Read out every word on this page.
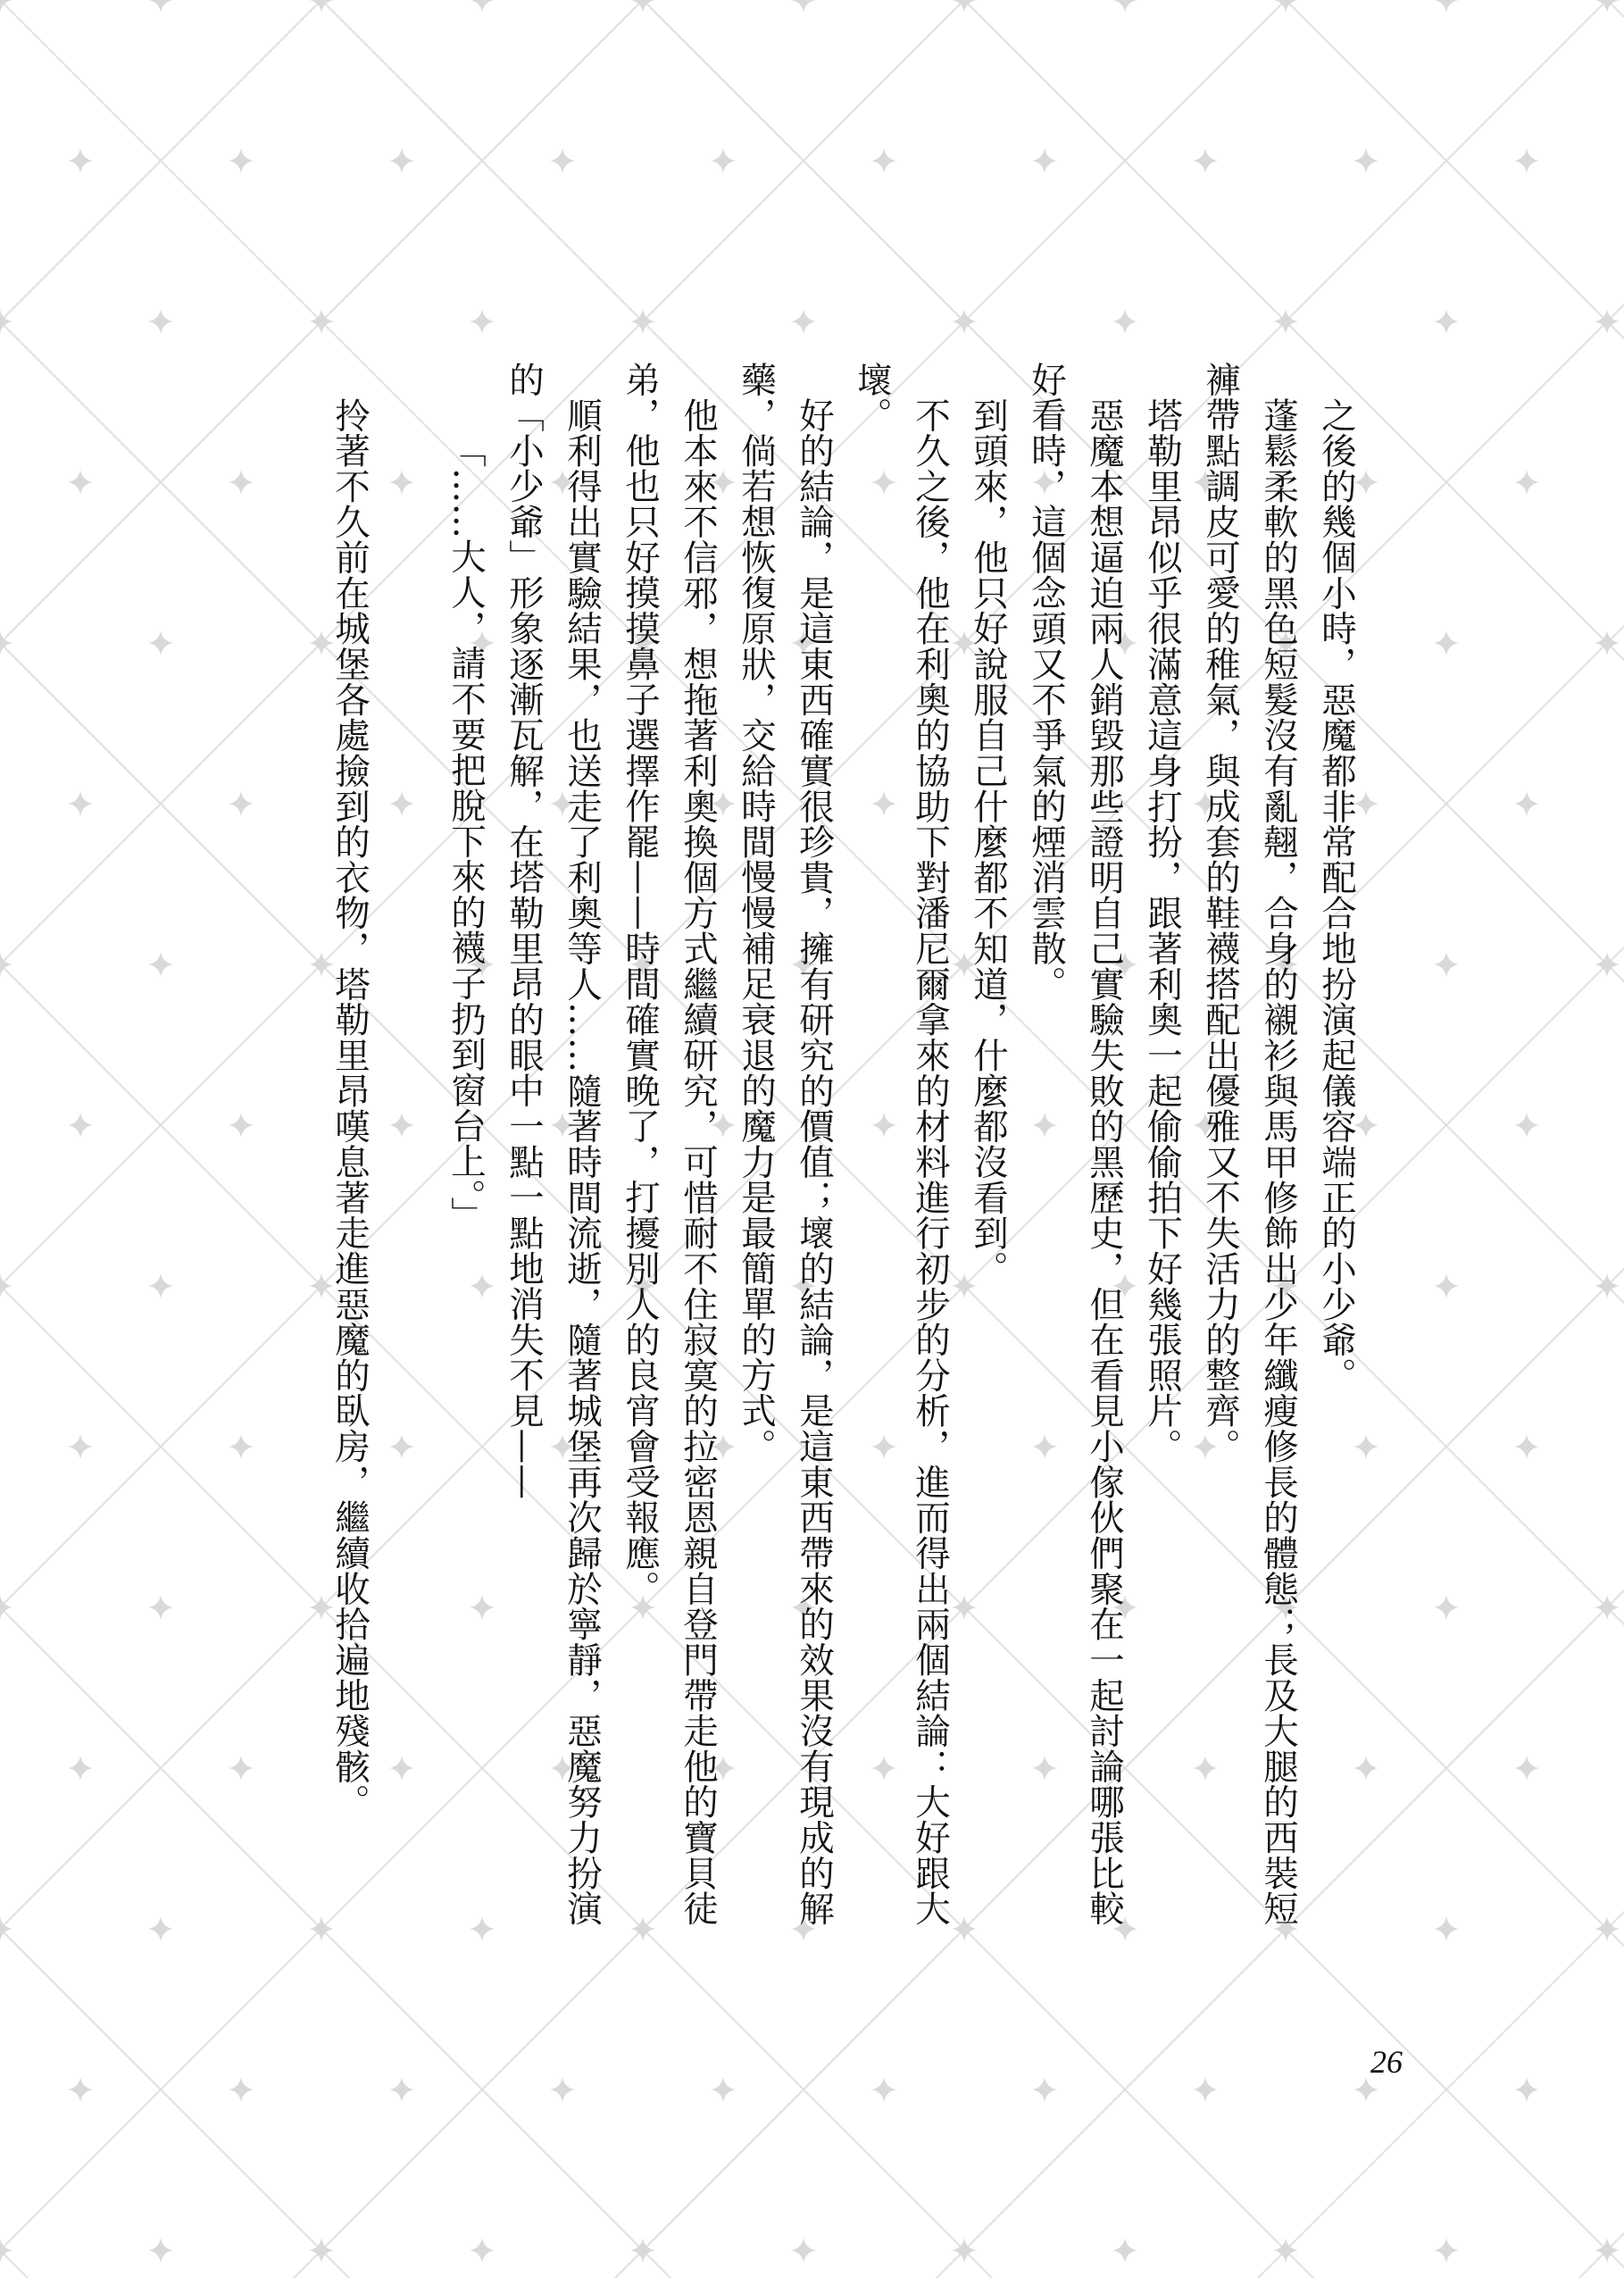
之後的幾個小時，惡魔都非常配合地扮演起儀容端正的小少爺。

蓬鬆柔軟的黑色短髮沒有亂翹，合身的襯衫與馬甲修飾出少年纖瘦修長的體態；長及大腿的西裝短褲帶點調皮可愛的稚氣，與成套的鞋襪搭配出優雅又不失活力的整齊。

塔勒里昂似乎很滿意這身打扮，跟著利奧一起偷偷拍下好幾張照片。

惡魔本想逼迫兩人銷毀那些證明自己實驗失敗的黑歷史，但在看見小傢伙們聚在一起討論哪張比較好看時，這個念頭又不爭氣的煙消雲散。

到頭來，他只好說服自己什麼都不知道，什麼都沒看到。

不久之後，他在利奧的協助下對潘尼爾拿來的材料進行初步的分析，進而得出兩個結論：大好跟大壞。

好的結論，是這東西確實很珍貴，擁有研究的價值；壞的結論，是這東西帶來的效果沒有現成的解藥，倘若想恢復原狀，交給時間慢慢補足衰退的魔力是最簡單的方式。

他本來不信邪，想拖著利奧換個方式繼續研究，可惜耐不住寂寞的拉密恩親自登門帶走他的寶貝徒弟，他也只好摸摸鼻子選擇作罷——時間確實晚了，打擾別人的良宵會受報應。

順利得出實驗結果，也送走了利奧等人……隨著時間流逝，隨著城堡再次歸於寧靜，惡魔努力扮演的「小少爺」形象逐漸瓦解，在塔勒里昂的眼中一點一點地消失不見——

「……大人，請不要把脫下來的襪子扔到窗台上。」

拎著不久前在城堡各處撿到的衣物，塔勒里昂嘆息著走進惡魔的臥房，繼續收拾遍地殘骸。

26
